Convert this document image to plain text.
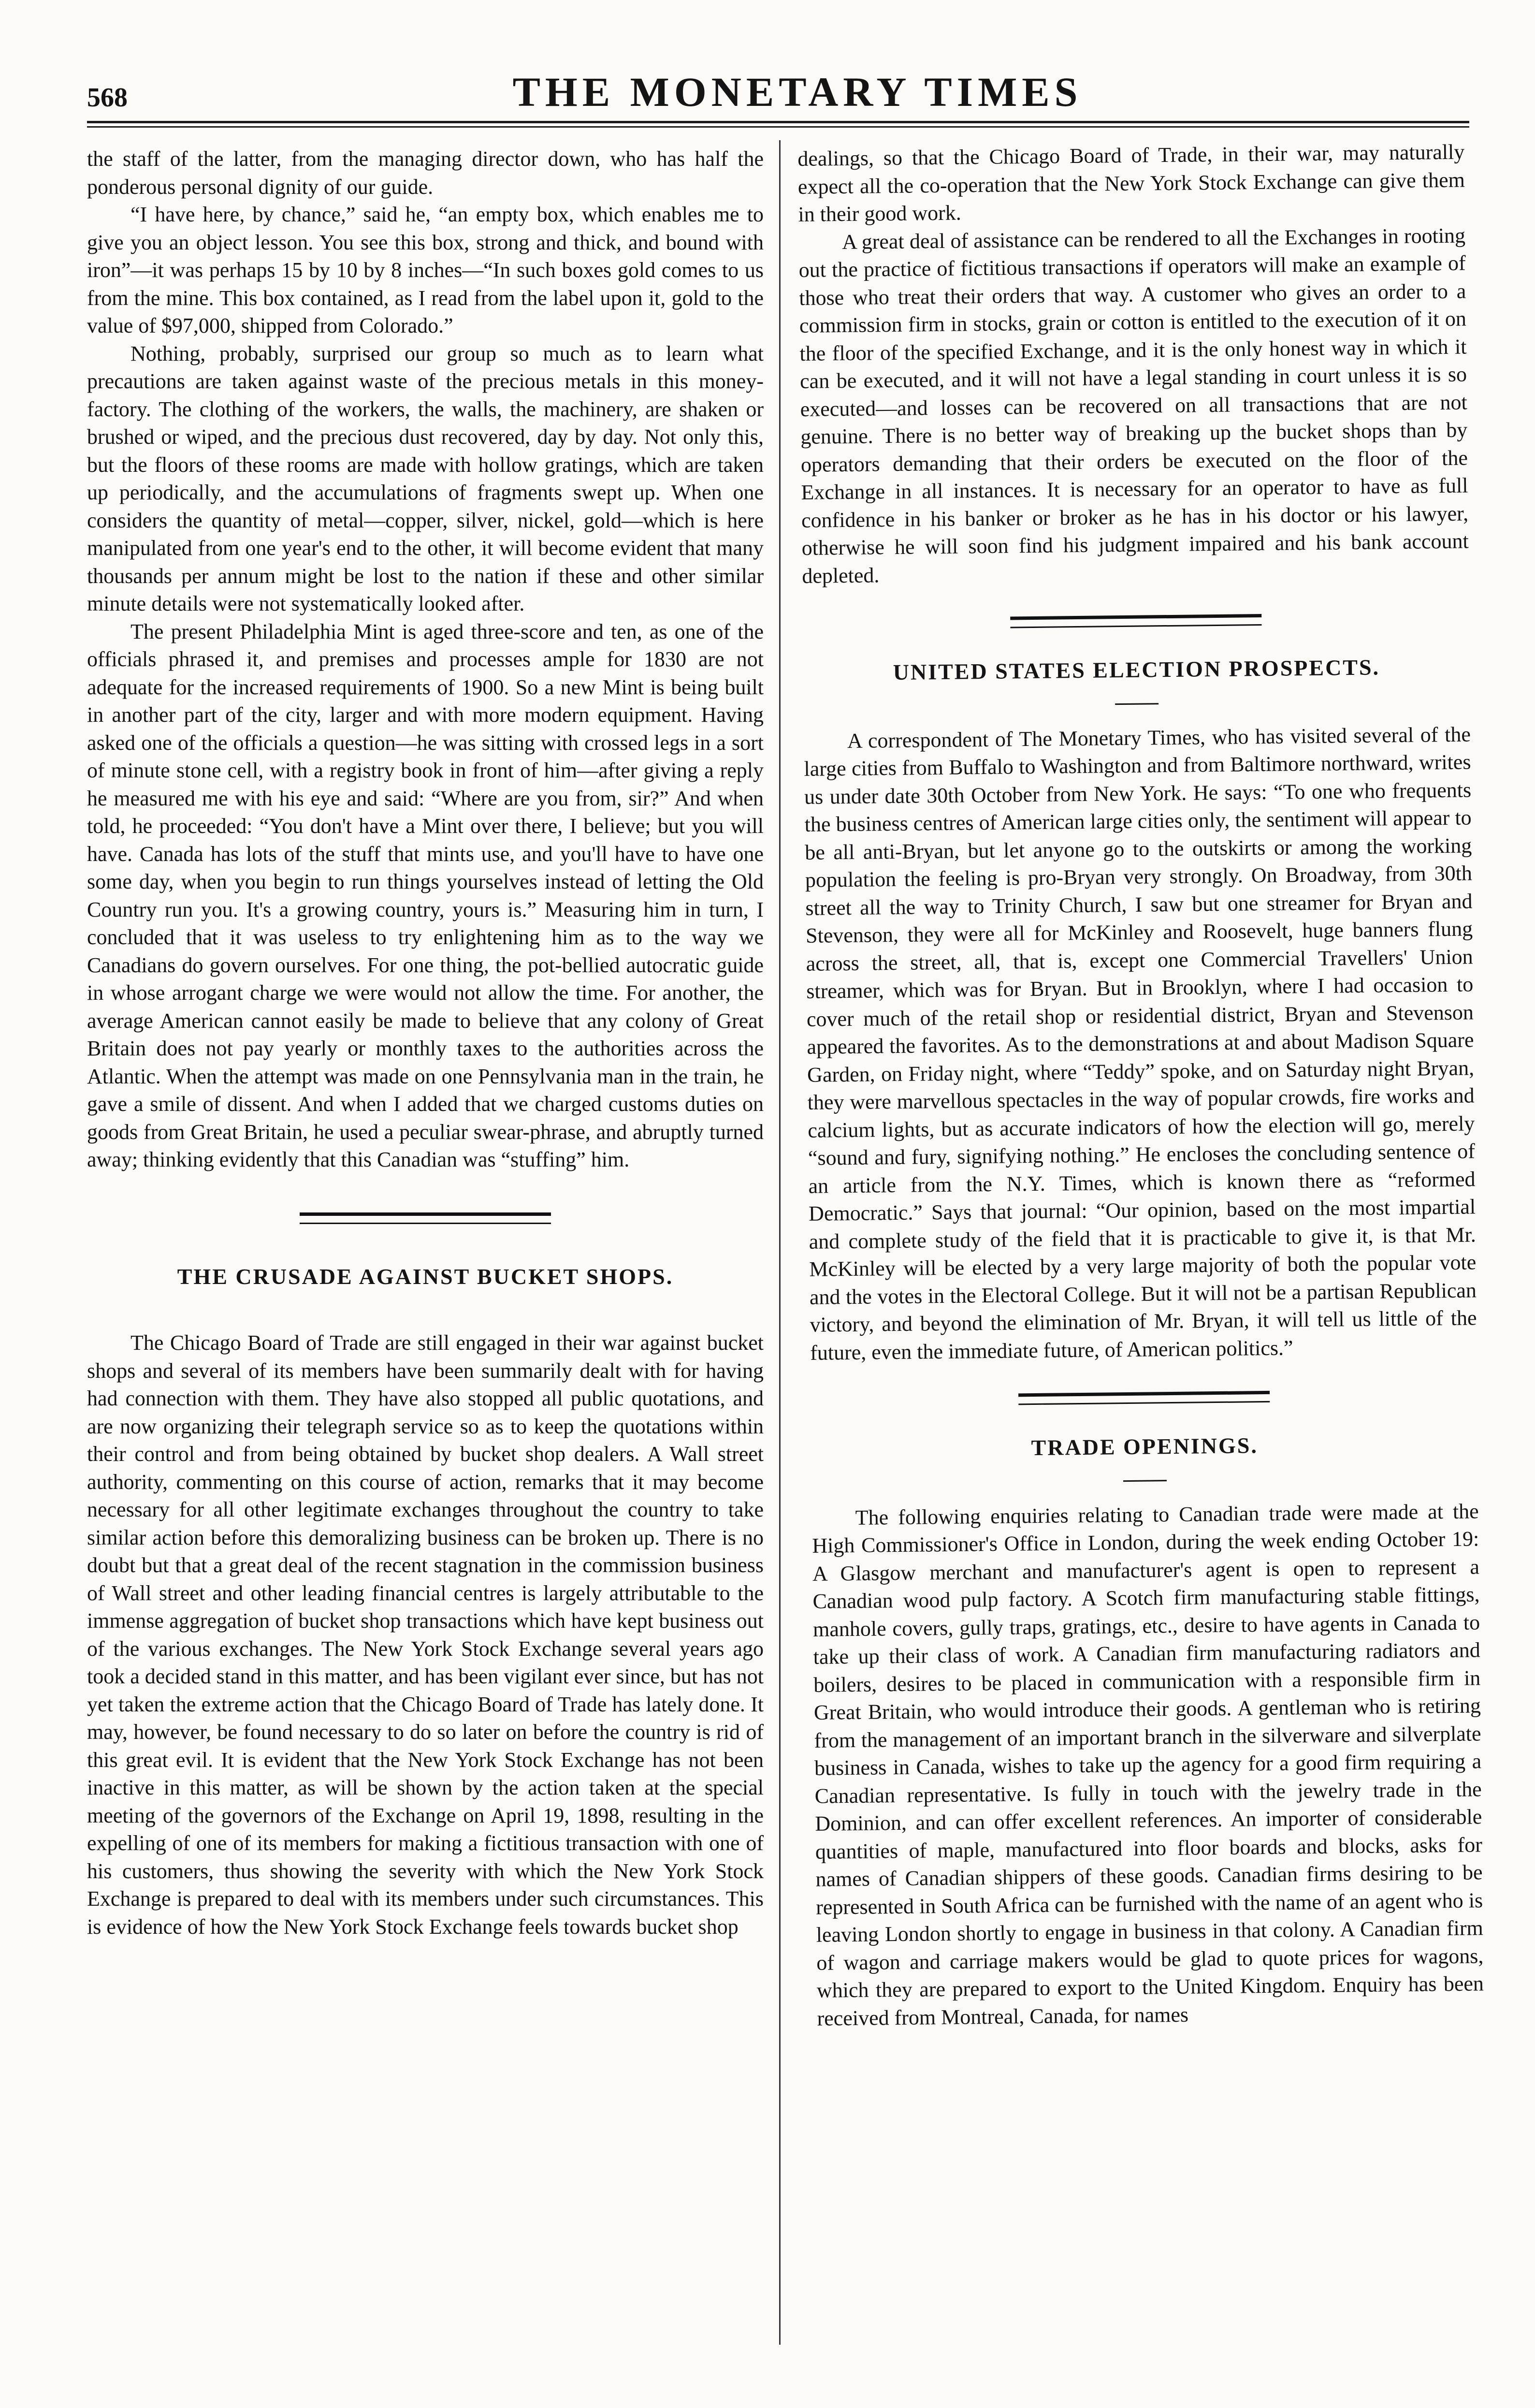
568	THE MONETARY TIMES

the staff of the latter, from the managing director down, who has half the ponderous personal dignity of our guide.

“I have here, by chance,” said he, “an empty box, which enables me to give you an object lesson. You see this box, strong and thick, and bound with iron”—it was perhaps 15 by 10 by 8 inches—“In such boxes gold comes to us from the mine. This box contained, as I read from the label upon it, gold to the value of $97,000, shipped from Colorado.”

Nothing, probably, surprised our group so much as to learn what precautions are taken against waste of the precious metals in this money-factory. The clothing of the workers, the walls, the machinery, are shaken or brushed or wiped, and the precious dust recovered, day by day. Not only this, but the floors of these rooms are made with hollow gratings, which are taken up periodically, and the accumulations of fragments swept up. When one considers the quantity of metal—copper, silver, nickel, gold—which is here manipulated from one year's end to the other, it will become evident that many thousands per annum might be lost to the nation if these and other similar minute details were not systematically looked after.

The present Philadelphia Mint is aged three-score and ten, as one of the officials phrased it, and premises and processes ample for 1830 are not adequate for the increased requirements of 1900. So a new Mint is being built in another part of the city, larger and with more modern equipment. Having asked one of the officials a question—he was sitting with crossed legs in a sort of minute stone cell, with a registry book in front of him—after giving a reply he measured me with his eye and said: “Where are you from, sir?” And when told, he proceeded: “You don't have a Mint over there, I believe; but you will have. Canada has lots of the stuff that mints use, and you'll have to have one some day, when you begin to run things yourselves instead of letting the Old Country run you. It's a growing country, yours is.” Measuring him in turn, I concluded that it was useless to try enlightening him as to the way we Canadians do govern ourselves. For one thing, the pot-bellied autocratic guide in whose arrogant charge we were would not allow the time. For another, the average American cannot easily be made to believe that any colony of Great Britain does not pay yearly or monthly taxes to the authorities across the Atlantic. When the attempt was made on one Pennsylvania man in the train, he gave a smile of dissent. And when I added that we charged customs duties on goods from Great Britain, he used a peculiar swear-phrase, and abruptly turned away; thinking evidently that this Canadian was “stuffing” him.

THE CRUSADE AGAINST BUCKET SHOPS.

The Chicago Board of Trade are still engaged in their war against bucket shops and several of its members have been summarily dealt with for having had connection with them. They have also stopped all public quotations, and are now organizing their telegraph service so as to keep the quotations within their control and from being obtained by bucket shop dealers. A Wall street authority, commenting on this course of action, remarks that it may become necessary for all other legitimate exchanges throughout the country to take similar action before this demoralizing business can be broken up. There is no doubt but that a great deal of the recent stagnation in the commission business of Wall street and other leading financial centres is largely attributable to the immense aggregation of bucket shop transactions which have kept business out of the various exchanges. The New York Stock Exchange several years ago took a decided stand in this matter, and has been vigilant ever since, but has not yet taken the extreme action that the Chicago Board of Trade has lately done. It may, however, be found necessary to do so later on before the country is rid of this great evil. It is evident that the New York Stock Exchange has not been inactive in this matter, as will be shown by the action taken at the special meeting of the governors of the Exchange on April 19, 1898, resulting in the expelling of one of its members for making a fictitious transaction with one of his customers, thus showing the severity with which the New York Stock Exchange is prepared to deal with its members under such circumstances. This is evidence of how the New York Stock Exchange feels towards bucket shop

dealings, so that the Chicago Board of Trade, in their war, may naturally expect all the co-operation that the New York Stock Exchange can give them in their good work.

A great deal of assistance can be rendered to all the Exchanges in rooting out the practice of fictitious transactions if operators will make an example of those who treat their orders that way. A customer who gives an order to a commission firm in stocks, grain or cotton is entitled to the execution of it on the floor of the specified Exchange, and it is the only honest way in which it can be executed, and it will not have a legal standing in court unless it is so executed—and losses can be recovered on all transactions that are not genuine. There is no better way of breaking up the bucket shops than by operators demanding that their orders be executed on the floor of the Exchange in all instances. It is necessary for an operator to have as full confidence in his banker or broker as he has in his doctor or his lawyer, otherwise he will soon find his judgment impaired and his bank account depleted.

UNITED STATES ELECTION PROSPECTS.

A correspondent of The Monetary Times, who has visited several of the large cities from Buffalo to Washington and from Baltimore northward, writes us under date 30th October from New York. He says: “To one who frequents the business centres of American large cities only, the sentiment will appear to be all anti-Bryan, but let anyone go to the outskirts or among the working population the feeling is pro-Bryan very strongly. On Broadway, from 30th street all the way to Trinity Church, I saw but one streamer for Bryan and Stevenson, they were all for McKinley and Roosevelt, huge banners flung across the street, all, that is, except one Commercial Travellers' Union streamer, which was for Bryan. But in Brooklyn, where I had occasion to cover much of the retail shop or residential district, Bryan and Stevenson appeared the favorites. As to the demonstrations at and about Madison Square Garden, on Friday night, where “Teddy” spoke, and on Saturday night Bryan, they were marvellous spectacles in the way of popular crowds, fire works and calcium lights, but as accurate indicators of how the election will go, merely “sound and fury, signifying nothing.” He encloses the concluding sentence of an article from the N.Y. Times, which is known there as “reformed Democratic.” Says that journal: “Our opinion, based on the most impartial and complete study of the field that it is practicable to give it, is that Mr. McKinley will be elected by a very large majority of both the popular vote and the votes in the Electoral College. But it will not be a partisan Republican victory, and beyond the elimination of Mr. Bryan, it will tell us little of the future, even the immediate future, of American politics.”

TRADE OPENINGS.

The following enquiries relating to Canadian trade were made at the High Commissioner's Office in London, during the week ending October 19: A Glasgow merchant and manufacturer's agent is open to represent a Canadian wood pulp factory. A Scotch firm manufacturing stable fittings, manhole covers, gully traps, gratings, etc., desire to have agents in Canada to take up their class of work. A Canadian firm manufacturing radiators and boilers, desires to be placed in communication with a responsible firm in Great Britain, who would introduce their goods. A gentleman who is retiring from the management of an important branch in the silverware and silverplate business in Canada, wishes to take up the agency for a good firm requiring a Canadian representative. Is fully in touch with the jewelry trade in the Dominion, and can offer excellent references. An importer of considerable quantities of maple, manufactured into floor boards and blocks, asks for names of Canadian shippers of these goods. Canadian firms desiring to be represented in South Africa can be furnished with the name of an agent who is leaving London shortly to engage in business in that colony. A Canadian firm of wagon and carriage makers would be glad to quote prices for wagons, which they are prepared to export to the United Kingdom. Enquiry has been received from Montreal, Canada, for names
